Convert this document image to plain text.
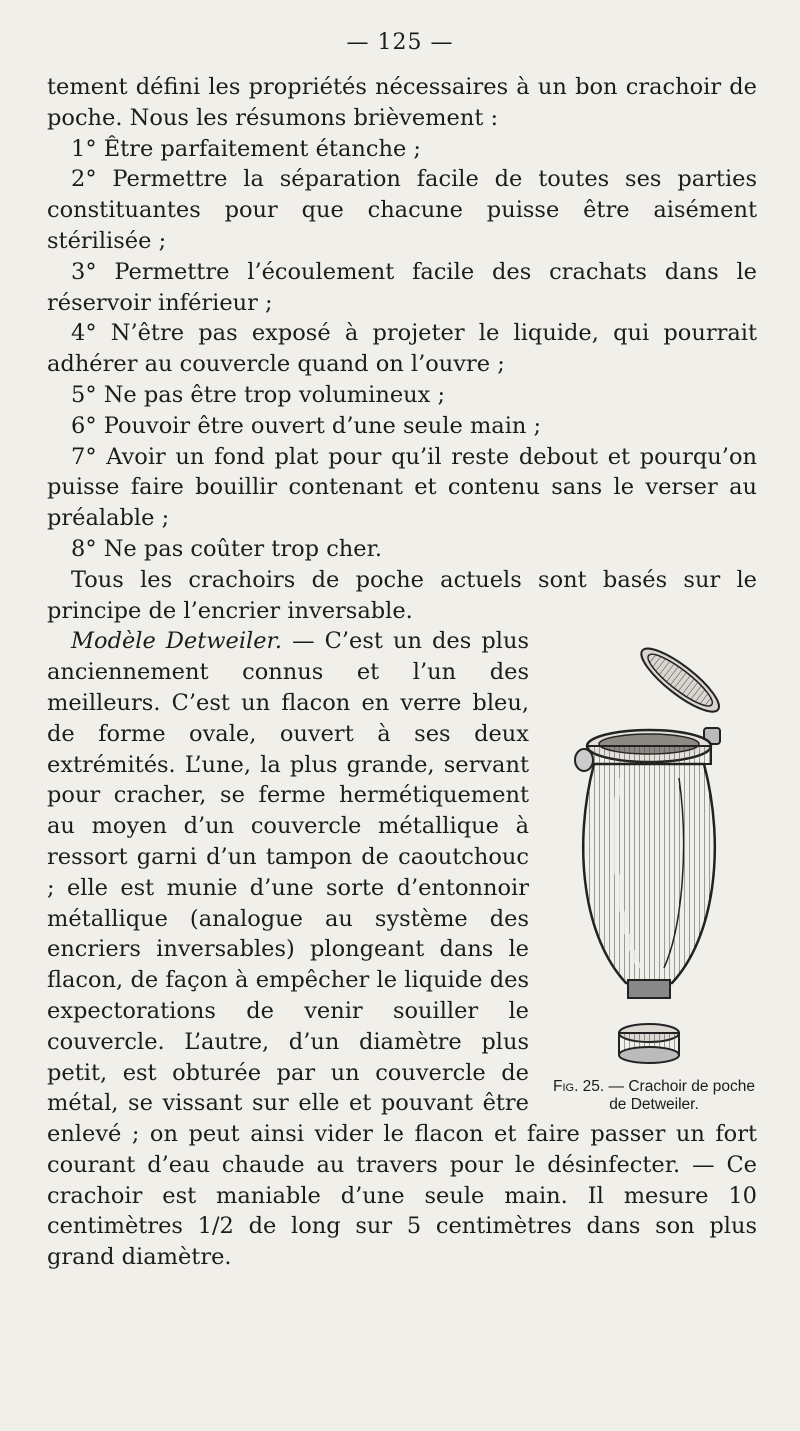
— 125 —

tement défini les propriétés nécessaires à un bon crachoir de poche. Nous les résumons brièvement :

1° Être parfaitement étanche ;

2° Permettre la séparation facile de toutes ses parties constituantes pour que chacune puisse être aisément stérilisée ;

3° Permettre l’écoulement facile des crachats dans le réservoir inférieur ;

4° N’être pas exposé à projeter le liquide, qui pourrait adhérer au couvercle quand on l’ouvre ;

5° Ne pas être trop volumineux ;

6° Pouvoir être ouvert d’une seule main ;

7° Avoir un fond plat pour qu’il reste debout et pourqu’on puisse faire bouillir contenant et contenu sans le verser au préalable ;

8° Ne pas coûter trop cher.

Tous les crachoirs de poche actuels sont basés sur le principe de l’encrier inversable.

Fig. 25. — Crachoir de poche de Detweiler.

Modèle Detweiler. — C’est un des plus anciennement connus et l’un des meilleurs. C’est un flacon en verre bleu, de forme ovale, ouvert à ses deux extrémités. L’une, la plus grande, servant pour cracher, se ferme hermétiquement au moyen d’un couvercle métallique à ressort garni d’un tampon de caoutchouc ; elle est munie d’une sorte d’entonnoir métallique (analogue au système des encriers inversables) plongeant dans le flacon, de façon à empêcher le liquide des expectorations de venir souiller le couvercle. L’autre, d’un diamètre plus petit, est obturée par un couvercle de métal, se vissant sur elle et pouvant être enlevé ; on peut ainsi vider le flacon et faire passer un fort courant d’eau chaude au travers pour le désinfecter. — Ce crachoir est maniable d’une seule main. Il mesure 10 centimètres 1/2 de long sur 5 centimètres dans son plus grand diamètre.
